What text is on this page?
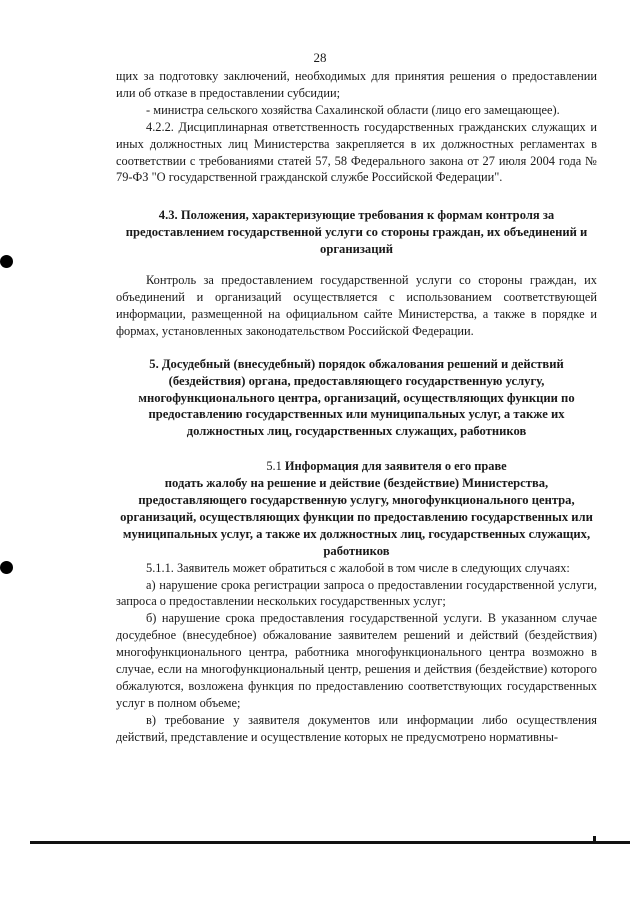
28

щих за подготовку заключений, необходимых для принятия решения о предоставлении или об отказе в предоставлении субсидии;

- министра сельского хозяйства Сахалинской области (лицо его замещающее).

4.2.2. Дисциплинарная ответственность государственных гражданских служащих и иных должностных лиц Министерства закрепляется в их должностных регламентах в соответствии с требованиями статей 57, 58 Федерального закона от 27 июля 2004 года № 79-ФЗ "О государственной гражданской службе Российской Федерации".

4.3. Положения, характеризующие требования к формам контроля за предоставлением государственной услуги со стороны граждан, их объединений и организаций

Контроль за предоставлением государственной услуги со стороны граждан, их объединений и организаций осуществляется с использованием соответствующей информации, размещенной на официальном сайте Министерства, а также в порядке и формах, установленных законодательством Российской Федерации.

5. Досудебный (внесудебный) порядок обжалования решений и действий (бездействия) органа, предоставляющего государственную услугу, многофункционального центра, организаций, осуществляющих функции по предоставлению государственных или муниципальных услуг, а также их должностных лиц, государственных служащих, работников

5.1 Информация для заявителя о его праве

подать жалобу на решение и действие (бездействие) Министерства, предоставляющего государственную услугу, многофункционального центра, организаций, осуществляющих функции по предоставлению государственных или муниципальных услуг, а также их должностных лиц, государственных служащих, работников

5.1.1. Заявитель может обратиться с жалобой в том числе в следующих случаях:

а) нарушение срока регистрации запроса о предоставлении государственной услуги, запроса о предоставлении нескольких государственных услуг;

б) нарушение срока предоставления государственной услуги. В указанном случае досудебное (внесудебное) обжалование заявителем решений и действий (бездействия) многофункционального центра, работника многофункционального центра возможно в случае, если на многофункциональный центр, решения и действия (бездействие) которого обжалуются, возложена функция по предоставлению соответствующих государственных услуг в полном объеме;

в) требование у заявителя документов или информации либо осуществления действий, представление и осуществление которых не предусмотрено нормативны-
